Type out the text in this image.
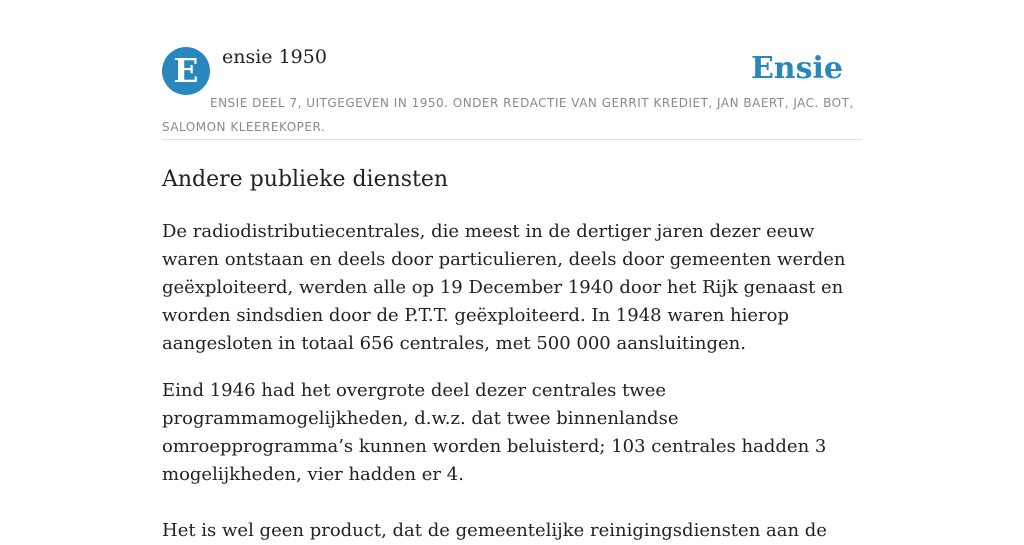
E	ensie 1950	Ensie
ENSIE DEEL 7, UITGEGEVEN IN 1950. ONDER REDACTIE VAN GERRIT KREDIET, JAN BAERT, JAC. BOT, SALOMON KLEEREKOPER.
Andere publieke diensten

De radiodistributiecentrales, die meest in de dertiger jaren dezer eeuw waren ontstaan en deels door particulieren, deels door gemeenten werden geëxploiteerd, werden alle op 19 December 1940 door het Rijk genaast en worden sindsdien door de P.T.T. geëxploiteerd. In 1948 waren hierop aangesloten in totaal 656 centrales, met 500 000 aansluitingen.

Eind 1946 had het overgrote deel dezer centrales twee programmamogelijkheden, d.w.z. dat twee binnenlandse omroepprogramma’s kunnen worden beluisterd; 103 centrales hadden 3 mogelijkheden, vier hadden er 4.

Het is wel geen product, dat de gemeentelijke reinigingsdiensten aan de
